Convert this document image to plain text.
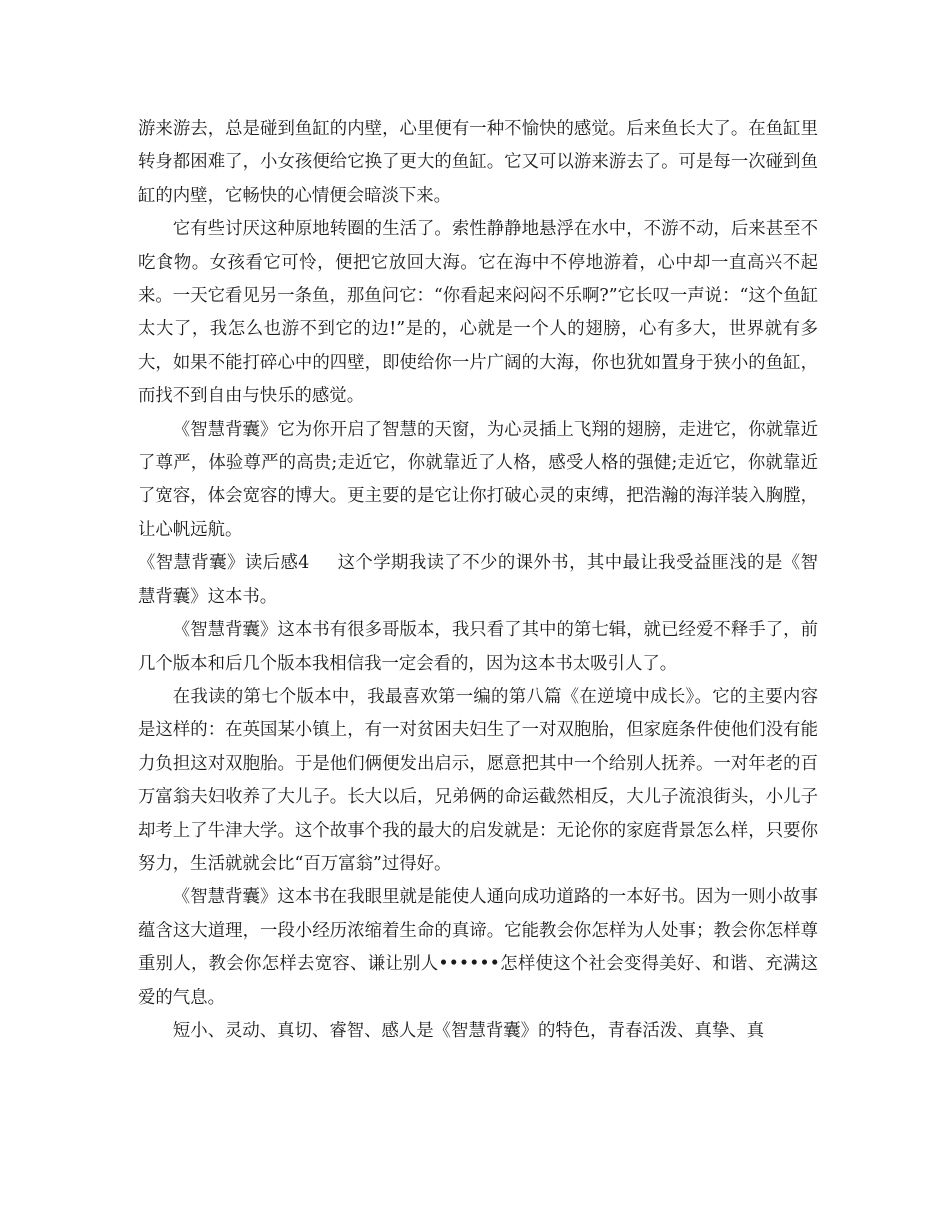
游来游去，总是碰到鱼缸的内壁，心里便有一种不愉快的感觉。后来鱼长大了。在鱼缸里转身都困难了，小女孩便给它换了更大的鱼缸。它又可以游来游去了。可是每一次碰到鱼缸的内壁，它畅快的心情便会暗淡下来。

它有些讨厌这种原地转圈的生活了。索性静静地悬浮在水中，不游不动，后来甚至不吃食物。女孩看它可怜，便把它放回大海。它在海中不停地游着，心中却一直高兴不起来。一天它看见另一条鱼，那鱼问它：“你看起来闷闷不乐啊?”它长叹一声说：“这个鱼缸太大了，我怎么也游不到它的边!”是的，心就是一个人的翅膀，心有多大，世界就有多大，如果不能打碎心中的四壁，即使给你一片广阔的大海，你也犹如置身于狭小的鱼缸，而找不到自由与快乐的感觉。

《智慧背囊》它为你开启了智慧的天窗，为心灵插上飞翔的翅膀，走进它，你就靠近了尊严，体验尊严的高贵;走近它，你就靠近了人格，感受人格的强健;走近它，你就靠近了宽容，体会宽容的博大。更主要的是它让你打破心灵的束缚，把浩瀚的海洋装入胸膛，让心帆远航。

《智慧背囊》读后感4 这个学期我读了不少的课外书，其中最让我受益匪浅的是《智慧背囊》这本书。

《智慧背囊》这本书有很多哥版本，我只看了其中的第七辑，就已经爱不释手了，前几个版本和后几个版本我相信我一定会看的，因为这本书太吸引人了。

在我读的第七个版本中，我最喜欢第一编的第八篇《在逆境中成长》。它的主要内容是这样的：在英国某小镇上，有一对贫困夫妇生了一对双胞胎，但家庭条件使他们没有能力负担这对双胞胎。于是他们俩便发出启示，愿意把其中一个给别人抚养。一对年老的百万富翁夫妇收养了大儿子。长大以后，兄弟俩的命运截然相反，大儿子流浪街头，小儿子却考上了牛津大学。这个故事个我的最大的启发就是：无论你的家庭背景怎么样，只要你努力，生活就就会比“百万富翁”过得好。

《智慧背囊》这本书在我眼里就是能使人通向成功道路的一本好书。因为一则小故事蕴含这大道理，一段小经历浓缩着生命的真谛。它能教会你怎样为人处事；教会你怎样尊重别人，教会你怎样去宽容、谦让别人••••••怎样使这个社会变得美好、和谐、充满这爱的气息。

短小、灵动、真切、睿智、感人是《智慧背囊》的特色，青春活泼、真挚、真
